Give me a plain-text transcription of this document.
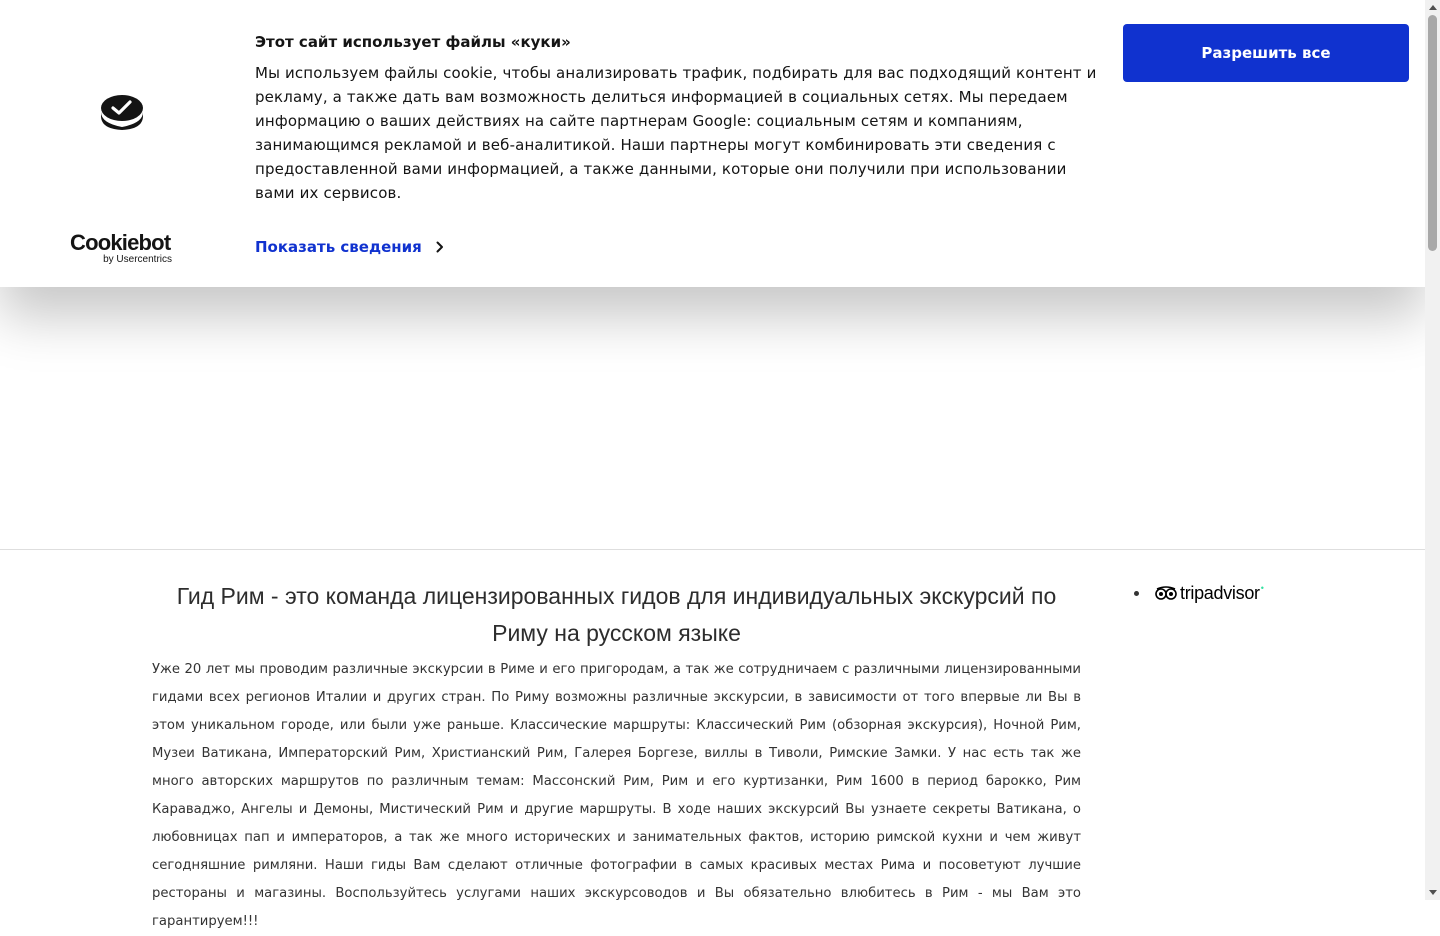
Гид Рим - это команда лицензированных гидов для индивидуальных экскурсий по Риму на русском языке

Уже 20 лет мы проводим различные экскурсии в Риме и его пригородам, а так же сотрудничаем с различными лицензированными гидами всех регионов Италии и других стран. По Риму возможны различные экскурсии, в зависимости от того впервые ли Вы в этом уникальном городе, или были уже раньше. Классические маршруты: Классический Рим (обзорная экскурсия), Ночной Рим, Музеи Ватикана, Императорский Рим, Христианский Рим, Галерея Боргезе, виллы в Тиволи, Римские Замки. У нас есть так же много авторских маршрутов по различным темам: Массонский Рим, Рим и его куртизанки, Рим 1600 в период барокко, Рим Караваджо, Ангелы и Демоны, Мистический Рим и другие маршруты. В ходе наших экскурсий Вы узнаете секреты Ватикана, о любовницах пап и императоров, а так же много исторических и занимательных фактов, историю римской кухни и чем живут сегодняшние римляни. Наши гиды Вам сделают отличные фотографии в самых красивых местах Рима и посоветуют лучшие рестораны и магазины. Воспользуйтесь услугами наших экскурсоводов и Вы обязательно влюбитесь в Рим - мы Вам это гарантируем!!!

tripadvisor •
Cookiebot
by Usercentrics
Этот сайт использует файлы «куки»

Мы используем файлы cookie, чтобы анализировать трафик, подбирать для вас подходящий контент и рекламу, а также дать вам возможность делиться информацией в социальных сетях. Мы передаем информацию о ваших действиях на сайте партнерам Google: социальным сетям и компаниям, занимающимся рекламой и веб-аналитикой. Наши партнеры могут комбинировать эти сведения с предоставленной вами информацией, а также данными, которые они получили при использовании вами их сервисов.

Показать сведения
Разрешить все
